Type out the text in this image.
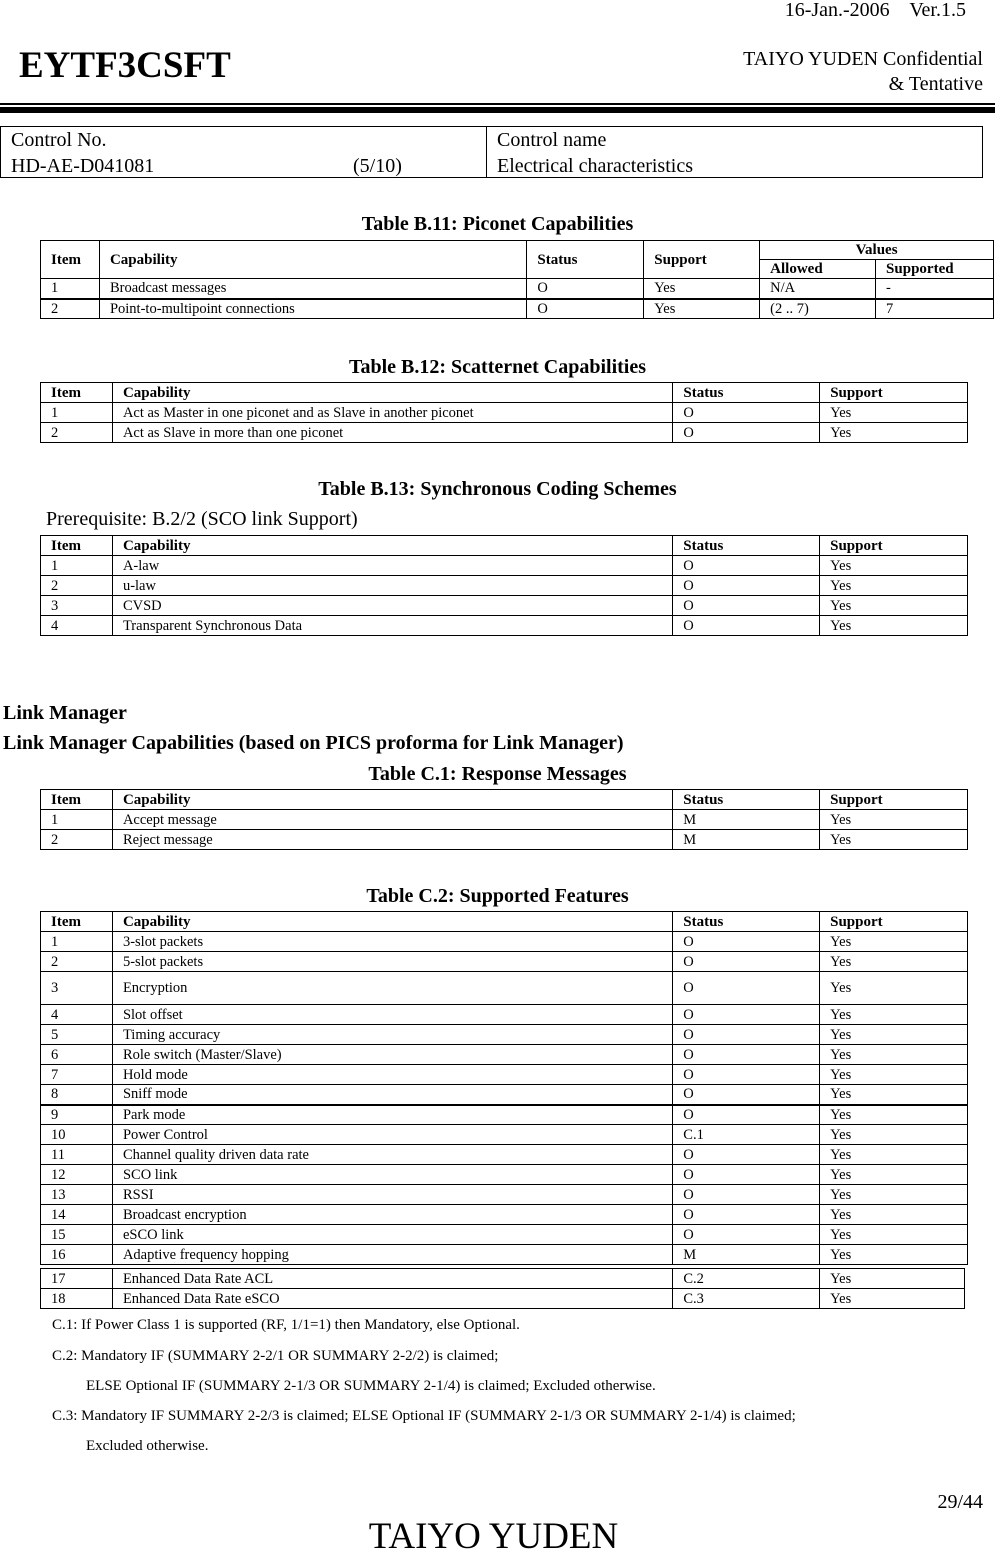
16-Jan.-2006 Ver.1.5
EYTF3CSFT	TAIYO YUDEN Confidential
& Tentative
Control No.
HD-AE-D041081	(5/10)
Control name
Electrical characteristics
Table B.11: Piconet Capabilities
Item	Capability	Status	Support	Values	
				Allowed	Supported
1	Broadcast messages	O	Yes	N/A	-
2	Point-to-multipoint connections	O	Yes	(2 .. 7)	7
Table B.12: Scatternet Capabilities
Item	Capability	Status	Support
1	Act as Master in one piconet and as Slave in another piconet	O	Yes
2	Act as Slave in more than one piconet	O	Yes
Table B.13: Synchronous Coding Schemes
Prerequisite: B.2/2 (SCO link Support)
Item	Capability	Status	Support
1	A-law	O	Yes
2	u-law	O	Yes
3	CVSD	O	Yes
4	Transparent Synchronous Data	O	Yes
Link Manager
Link Manager Capabilities (based on PICS proforma for Link Manager)
Table C.1: Response Messages
Item	Capability	Status	Support
1	Accept message	M	Yes
2	Reject message	M	Yes
Table C.2: Supported Features
Item	Capability	Status	Support
1	3-slot packets	O	Yes
2	5-slot packets	O	Yes
3	Encryption	O	Yes
4	Slot offset	O	Yes
5	Timing accuracy	O	Yes
6	Role switch (Master/Slave)	O	Yes
7	Hold mode	O	Yes
8	Sniff mode	O	Yes
9	Park mode	O	Yes
10	Power Control	C.1	Yes
11	Channel quality driven data rate	O	Yes
12	SCO link	O	Yes
13	RSSI	O	Yes
14	Broadcast encryption	O	Yes
15	eSCO link	O	Yes
16	Adaptive frequency hopping	M	Yes
17	Enhanced Data Rate ACL	C.2	Yes
18	Enhanced Data Rate eSCO	C.3	Yes
C.1: If Power Class 1 is supported (RF, 1/1=1) then Mandatory, else Optional.
C.2: Mandatory IF (SUMMARY 2-2/1 OR SUMMARY 2-2/2) is claimed;
ELSE Optional IF (SUMMARY 2-1/3 OR SUMMARY 2-1/4) is claimed; Excluded otherwise.
C.3: Mandatory IF SUMMARY 2-2/3 is claimed; ELSE Optional IF (SUMMARY 2-1/3 OR SUMMARY 2-1/4) is claimed;
Excluded otherwise.
29/44
TAIYO YUDEN
